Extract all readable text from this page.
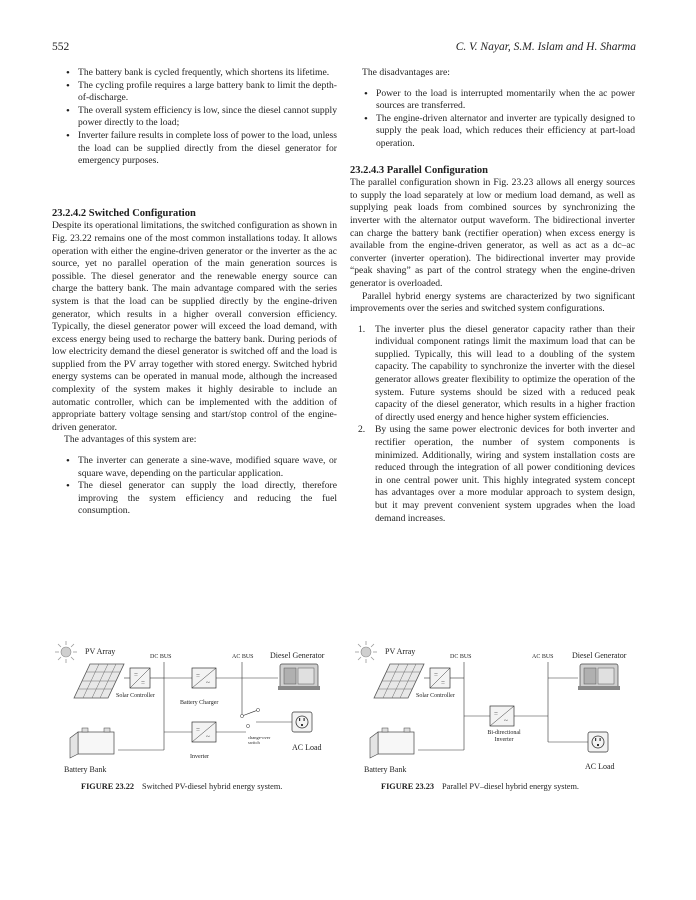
552	C. V. Nayar, S.M. Islam and H. Sharma
• The battery bank is cycled frequently, which shortens its lifetime.
• The cycling profile requires a large battery bank to limit the depth-of-discharge.
• The overall system efficiency is low, since the diesel cannot supply power directly to the load;
• Inverter failure results in complete loss of power to the load, unless the load can be supplied directly from the diesel generator for emergency purposes.

23.2.4.2 Switched Configuration

Despite its operational limitations, the switched configuration as shown in Fig. 23.22 remains one of the most common installations today. It allows operation with either the engine-driven generator or the inverter as the ac source, yet no parallel operation of the main generation sources is possible. The diesel generator and the renewable energy source can charge the battery bank. The main advantage compared with the series system is that the load can be supplied directly by the engine-driven generator, which results in a higher overall conversion efficiency. Typically, the diesel generator power will exceed the load demand, with excess energy being used to recharge the battery bank. During periods of low electricity demand the diesel generator is switched off and the load is supplied from the PV array together with stored energy. Switched hybrid energy systems can be operated in manual mode, although the increased complexity of the system makes it highly desirable to include an automatic controller, which can be implemented with the addition of appropriate battery voltage sensing and start/stop control of the engine-driven generator.

The advantages of this system are:

• The inverter can generate a sine-wave, modified square wave, or square wave, depending on the particular application.
• The diesel generator can supply the load directly, therefore improving the system efficiency and reducing the fuel consumption.

The disadvantages are:

• Power to the load is interrupted momentarily when the ac power sources are transferred.
• The engine-driven alternator and inverter are typically designed to supply the peak load, which reduces their efficiency at part-load operation.

23.2.4.3 Parallel Configuration

The parallel configuration shown in Fig. 23.23 allows all energy sources to supply the load separately at low or medium load demand, as well as supplying peak loads from combined sources by synchronizing the inverter with the alternator output waveform. The bidirectional inverter can charge the battery bank (rectifier operation) when excess energy is available from the engine-driven generator, as well as act as a dc–ac converter (inverter operation). The bidirectional inverter may provide “peak shaving” as part of the control strategy when the engine-driven generator is overloaded.

Parallel hybrid energy systems are characterized by two significant improvements over the series and switched system configurations.

1. The inverter plus the diesel generator capacity rather than their individual component ratings limit the maximum load that can be supplied. Typically, this will lead to a doubling of the system capacity. The capability to synchronize the inverter with the diesel generator allows greater flexibility to optimize the operation of the system. Future systems should be sized with a reduced peak capacity of the diesel generator, which results in a higher fraction of directly used energy and hence higher system efficiencies.
2. By using the same power electronic devices for both inverter and rectifier operation, the number of system components is minimized. Additionally, wiring and system installation costs are reduced through the integration of all power conditioning devices in one central power unit. This highly integrated system concept has advantages over a more modular approach to system design, but it may prevent convenient system upgrades when the load demand increases.
=
=
=
~
=
~
PV Array
DC BUS	AC BUS Diesel Generator
Solar Controller
Battery Charger
change-over switch
AC Load
Inverter
Battery Bank
FIGURE 23.22 Switched PV-diesel hybrid energy system.
=
=
=
~
PV Array
DC BUS	AC BUS Diesel Generator
Solar Controller
Bi-directional Inverter
AC Load
Battery Bank
FIGURE 23.23 Parallel PV–diesel hybrid energy system.
